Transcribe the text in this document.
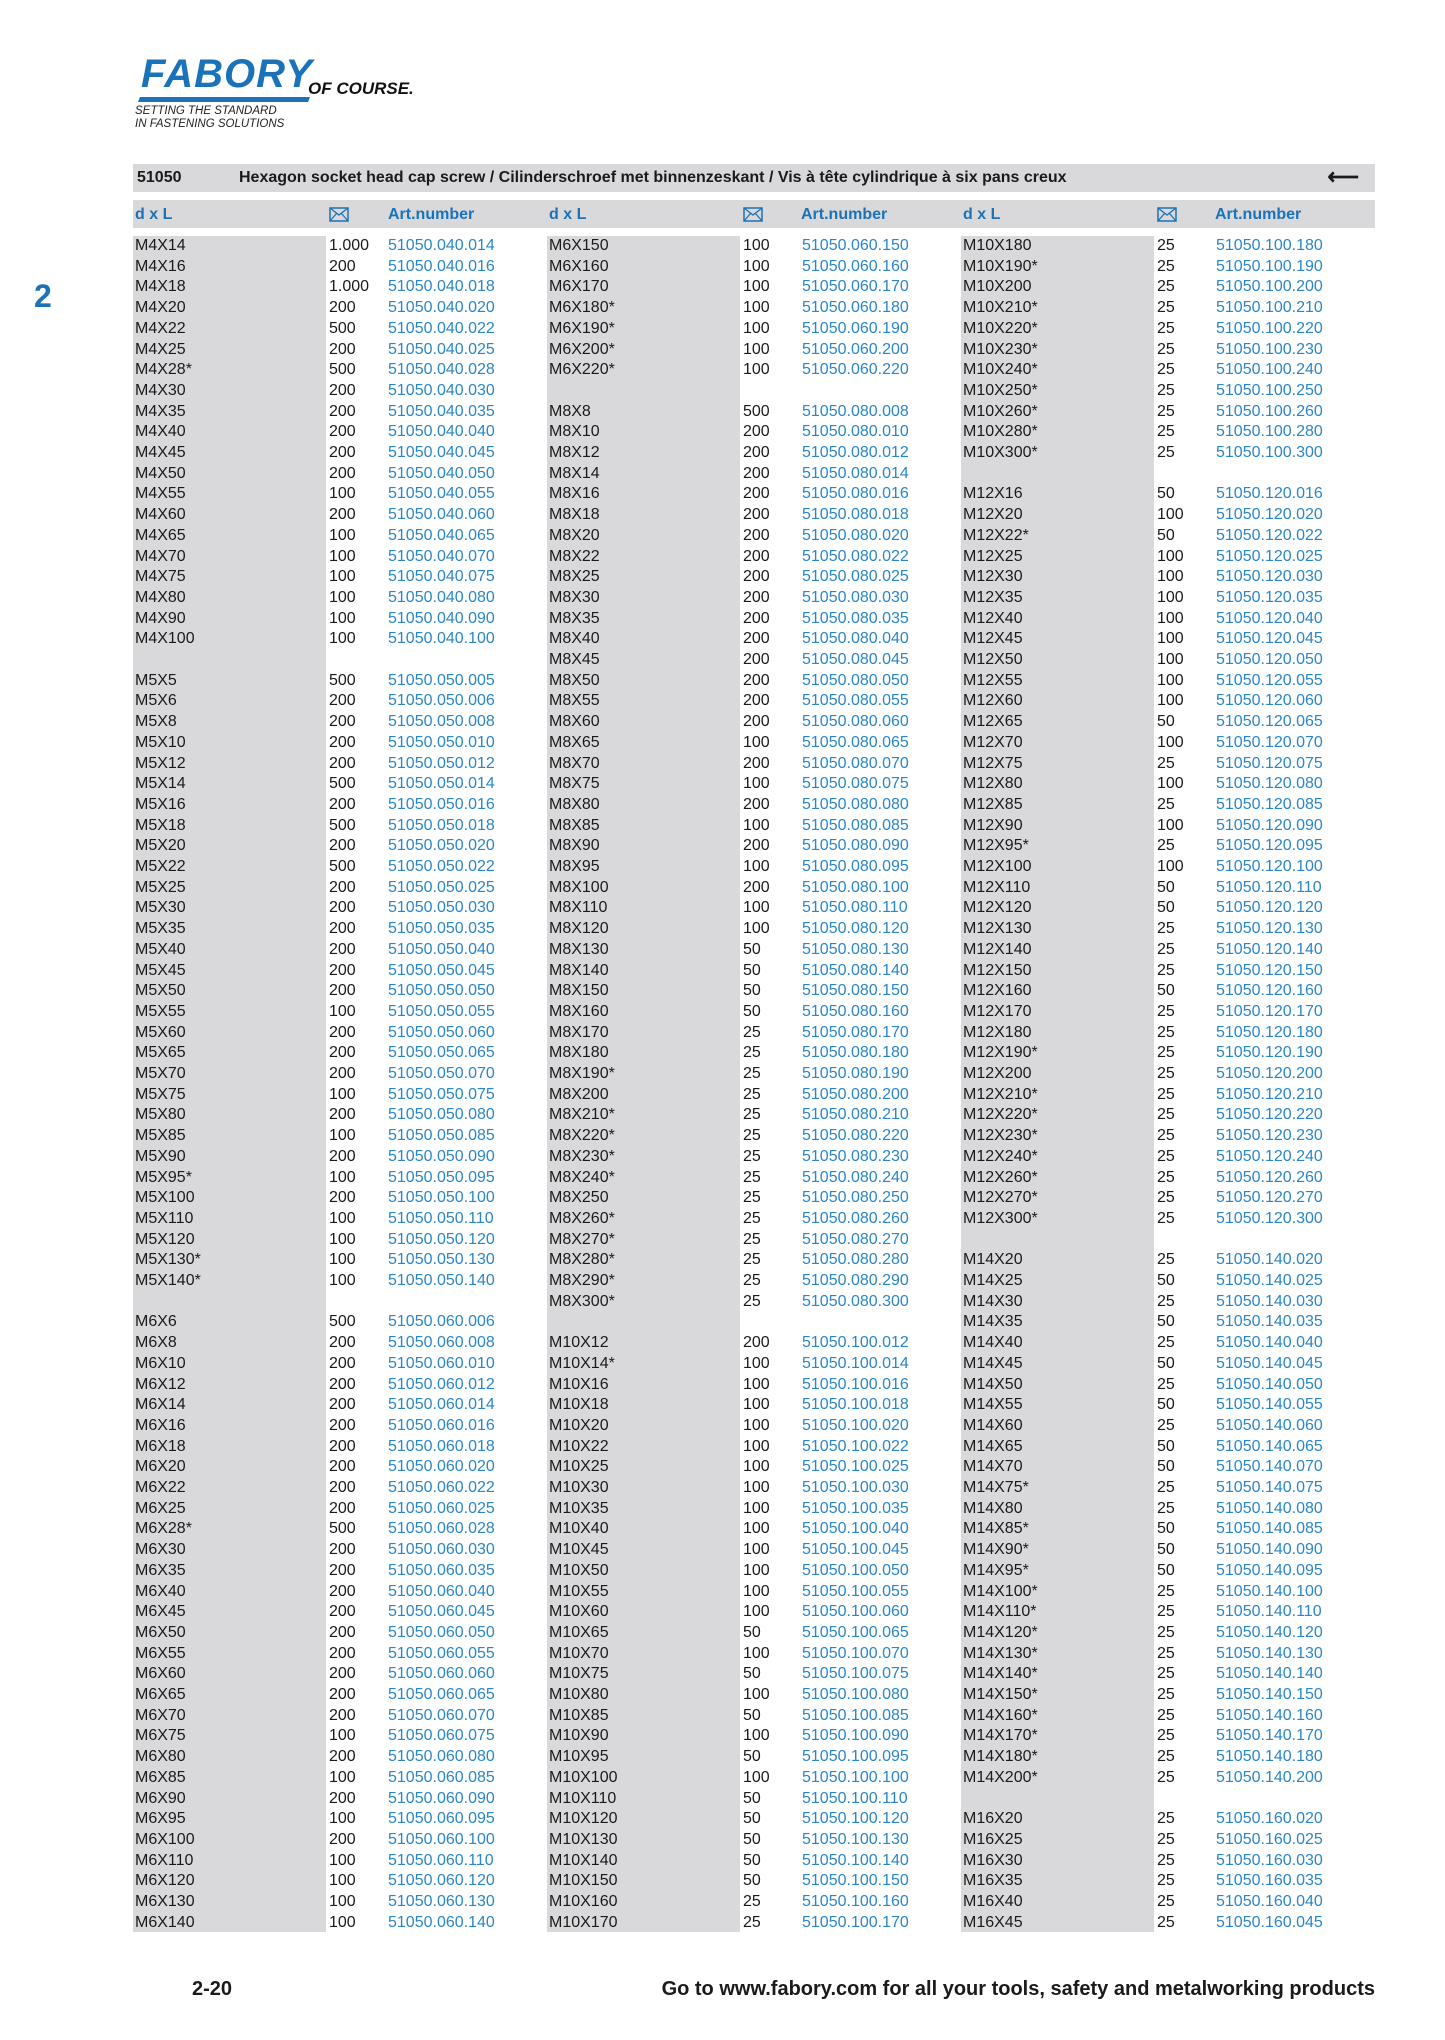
FABORY
OF COURSE.
SETTING THE STANDARD
IN FASTENING SOLUTIONS
2
51050	Hexagon socket head cap screw / Cilinderschroef met binnenzeskant / Vis à tête cylindrique à six pans creux	⟵
d x L	Art.number	d x L	Art.number	d x L	Art.number
M4X14	1.000 51050.040.014
M4X16	200 51050.040.016
M4X18	1.000 51050.040.018
M4X20	200 51050.040.020
M4X22	500 51050.040.022
M4X25	200 51050.040.025
M4X28*	500 51050.040.028
M4X30	200 51050.040.030
M4X35	200 51050.040.035
M4X40	200 51050.040.040
M4X45	200 51050.040.045
M4X50	200 51050.040.050
M4X55	100 51050.040.055
M4X60	200 51050.040.060
M4X65	100 51050.040.065
M4X70	100 51050.040.070
M4X75	100 51050.040.075
M4X80	100 51050.040.080
M4X90	100 51050.040.090
M4X100	100 51050.040.100
M5X5	500 51050.050.005
M5X6	200 51050.050.006
M5X8	200 51050.050.008
M5X10	200 51050.050.010
M5X12	200 51050.050.012
M5X14	500 51050.050.014
M5X16	200 51050.050.016
M5X18	500 51050.050.018
M5X20	200 51050.050.020
M5X22	500 51050.050.022
M5X25	200 51050.050.025
M5X30	200 51050.050.030
M5X35	200 51050.050.035
M5X40	200 51050.050.040
M5X45	200 51050.050.045
M5X50	200 51050.050.050
M5X55	100 51050.050.055
M5X60	200 51050.050.060
M5X65	200 51050.050.065
M5X70	200 51050.050.070
M5X75	100 51050.050.075
M5X80	200 51050.050.080
M5X85	100 51050.050.085
M5X90	200 51050.050.090
M5X95*	100 51050.050.095
M5X100	200 51050.050.100
M5X110	100 51050.050.110
M5X120	100 51050.050.120
M5X130*	100 51050.050.130
M5X140*	100 51050.050.140
M6X6	500 51050.060.006
M6X8	200 51050.060.008
M6X10	200 51050.060.010
M6X12	200 51050.060.012
M6X14	200 51050.060.014
M6X16	200 51050.060.016
M6X18	200 51050.060.018
M6X20	200 51050.060.020
M6X22	200 51050.060.022
M6X25	200 51050.060.025
M6X28*	500 51050.060.028
M6X30	200 51050.060.030
M6X35	200 51050.060.035
M6X40	200 51050.060.040
M6X45	200 51050.060.045
M6X50	200 51050.060.050
M6X55	200 51050.060.055
M6X60	200 51050.060.060
M6X65	200 51050.060.065
M6X70	200 51050.060.070
M6X75	100 51050.060.075
M6X80	200 51050.060.080
M6X85	100 51050.060.085
M6X90	200 51050.060.090
M6X95	100 51050.060.095
M6X100	200 51050.060.100
M6X110	100 51050.060.110
M6X120	100 51050.060.120
M6X130	100 51050.060.130
M6X140	100 51050.060.140
M6X150	100 51050.060.150
M6X160	100 51050.060.160
M6X170	100 51050.060.170
M6X180*	100 51050.060.180
M6X190*	100 51050.060.190
M6X200*	100 51050.060.200
M6X220*	100 51050.060.220
M8X8	500 51050.080.008
M8X10	200 51050.080.010
M8X12	200 51050.080.012
M8X14	200 51050.080.014
M8X16	200 51050.080.016
M8X18	200 51050.080.018
M8X20	200 51050.080.020
M8X22	200 51050.080.022
M8X25	200 51050.080.025
M8X30	200 51050.080.030
M8X35	200 51050.080.035
M8X40	200 51050.080.040
M8X45	200 51050.080.045
M8X50	200 51050.080.050
M8X55	200 51050.080.055
M8X60	200 51050.080.060
M8X65	100 51050.080.065
M8X70	200 51050.080.070
M8X75	100 51050.080.075
M8X80	200 51050.080.080
M8X85	100 51050.080.085
M8X90	200 51050.080.090
M8X95	100 51050.080.095
M8X100	200 51050.080.100
M8X110	100 51050.080.110
M8X120	100 51050.080.120
M8X130	50	51050.080.130
M8X140	50	51050.080.140
M8X150	50	51050.080.150
M8X160	50	51050.080.160
M8X170	25	51050.080.170
M8X180	25	51050.080.180
M8X190*	25	51050.080.190
M8X200	25	51050.080.200
M8X210*	25	51050.080.210
M8X220*	25	51050.080.220
M8X230*	25	51050.080.230
M8X240*	25	51050.080.240
M8X250	25	51050.080.250
M8X260*	25	51050.080.260
M8X270*	25	51050.080.270
M8X280*	25	51050.080.280
M8X290*	25	51050.080.290
M8X300*	25	51050.080.300
M10X12	200 51050.100.012
M10X14*	100 51050.100.014
M10X16	100 51050.100.016
M10X18	100 51050.100.018
M10X20	100 51050.100.020
M10X22	100 51050.100.022
M10X25	100 51050.100.025
M10X30	100 51050.100.030
M10X35	100 51050.100.035
M10X40	100 51050.100.040
M10X45	100 51050.100.045
M10X50	100 51050.100.050
M10X55	100 51050.100.055
M10X60	100 51050.100.060
M10X65	50	51050.100.065
M10X70	100 51050.100.070
M10X75	50	51050.100.075
M10X80	100 51050.100.080
M10X85	50	51050.100.085
M10X90	100 51050.100.090
M10X95	50	51050.100.095
M10X100	100 51050.100.100
M10X110	50	51050.100.110
M10X120	50	51050.100.120
M10X130	50	51050.100.130
M10X140	50	51050.100.140
M10X150	50	51050.100.150
M10X160	25	51050.100.160
M10X170	25	51050.100.170
M10X180	25	51050.100.180
M10X190*	25	51050.100.190
M10X200	25	51050.100.200
M10X210*	25	51050.100.210
M10X220*	25	51050.100.220
M10X230*	25	51050.100.230
M10X240*	25	51050.100.240
M10X250*	25	51050.100.250
M10X260*	25	51050.100.260
M10X280*	25	51050.100.280
M10X300*	25	51050.100.300
M12X16	50	51050.120.016
M12X20	100 51050.120.020
M12X22*	50	51050.120.022
M12X25	100 51050.120.025
M12X30	100 51050.120.030
M12X35	100 51050.120.035
M12X40	100 51050.120.040
M12X45	100 51050.120.045
M12X50	100 51050.120.050
M12X55	100 51050.120.055
M12X60	100 51050.120.060
M12X65	50	51050.120.065
M12X70	100 51050.120.070
M12X75	25	51050.120.075
M12X80	100 51050.120.080
M12X85	25	51050.120.085
M12X90	100 51050.120.090
M12X95*	25	51050.120.095
M12X100	100 51050.120.100
M12X110	50	51050.120.110
M12X120	50	51050.120.120
M12X130	25	51050.120.130
M12X140	25	51050.120.140
M12X150	25	51050.120.150
M12X160	50	51050.120.160
M12X170	25	51050.120.170
M12X180	25	51050.120.180
M12X190*	25	51050.120.190
M12X200	25	51050.120.200
M12X210*	25	51050.120.210
M12X220*	25	51050.120.220
M12X230*	25	51050.120.230
M12X240*	25	51050.120.240
M12X260*	25	51050.120.260
M12X270*	25	51050.120.270
M12X300*	25	51050.120.300
M14X20	25	51050.140.020
M14X25	50	51050.140.025
M14X30	25	51050.140.030
M14X35	50	51050.140.035
M14X40	25	51050.140.040
M14X45	50	51050.140.045
M14X50	25	51050.140.050
M14X55	50	51050.140.055
M14X60	25	51050.140.060
M14X65	50	51050.140.065
M14X70	50	51050.140.070
M14X75*	25	51050.140.075
M14X80	25	51050.140.080
M14X85*	50	51050.140.085
M14X90*	50	51050.140.090
M14X95*	50	51050.140.095
M14X100*	25	51050.140.100
M14X110*	25	51050.140.110
M14X120*	25	51050.140.120
M14X130*	25	51050.140.130
M14X140*	25	51050.140.140
M14X150*	25	51050.140.150
M14X160*	25	51050.140.160
M14X170*	25	51050.140.170
M14X180*	25	51050.140.180
M14X200*	25	51050.140.200
M16X20	25	51050.160.020
M16X25	25	51050.160.025
M16X30	25	51050.160.030
M16X35	25	51050.160.035
M16X40	25	51050.160.040
M16X45	25	51050.160.045
2-20	Go to www.fabory.com for all your tools, safety and metalworking products
